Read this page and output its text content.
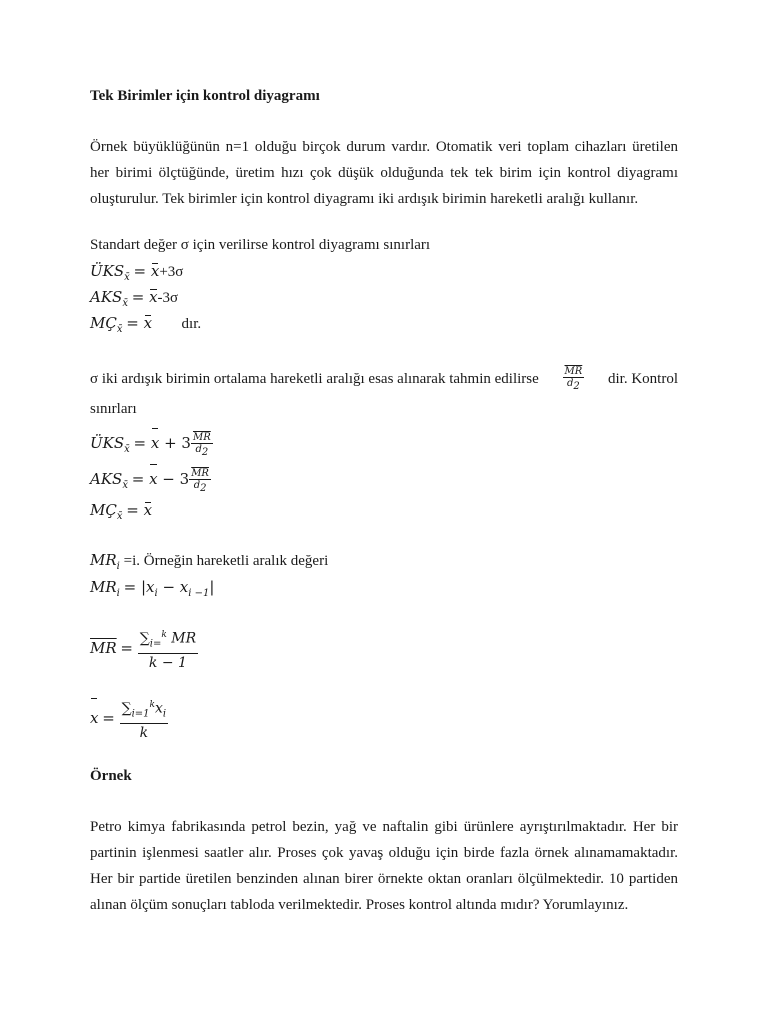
Tek Birimler için kontrol diyagramı
Örnek büyüklüğünün n=1 olduğu birçok durum vardır. Otomatik veri toplam cihazları üretilen her birimi ölçtüğünde, üretim hızı çok düşük olduğunda tek tek birim için kontrol diyagramı oluşturulur. Tek birimler için kontrol diyagramı iki ardışık birimin hareketli aralığı kullanır.
Standart değer σ için verilirse kontrol diyagramı sınırları
$ÜKS_{x̄} = x+3\sigma$
$AKS_{x̄} = x-3\sigma$
$MÇ_{x̄} = x$ dır.
σ iki ardışık birimin ortalama hareketli aralığı esas alınarak tahmin edilirse $\frac{\overline{MR}}{d_2}$ dir. Kontrol
sınırları
$ÜKS_{x̄} = x + 3 \frac{\overline{MR}}{d_2}$
$AKS_{x̄} = x - 3 \frac{\overline{MR}}{d_2}$
$MÇ_{x̄} = x$
$MR_i =i$. Örneğin hareketli aralık değeri
$MR_i = |x_i - x_{i -1}|$
$\overline{MR} = \frac{\sum_{i=}^k MR}{k - 1}$
$x = \frac{\sum_{i=1}^kx_i}{k}$
Örnek
Petro kimya fabrikasında petrol bezin, yağ ve naftalin gibi ürünlere ayrıştırılmaktadır. Her bir partinin işlenmesi saatler alır. Proses çok yavaş olduğu için birde fazla örnek alınamamaktadır. Her bir partide üretilen benzinden alınan birer örnekte oktan oranları ölçülmektedir. 10 partiden alınan ölçüm sonuçları tabloda verilmektedir. Proses kontrol altında mıdır? Yorumlayınız.
